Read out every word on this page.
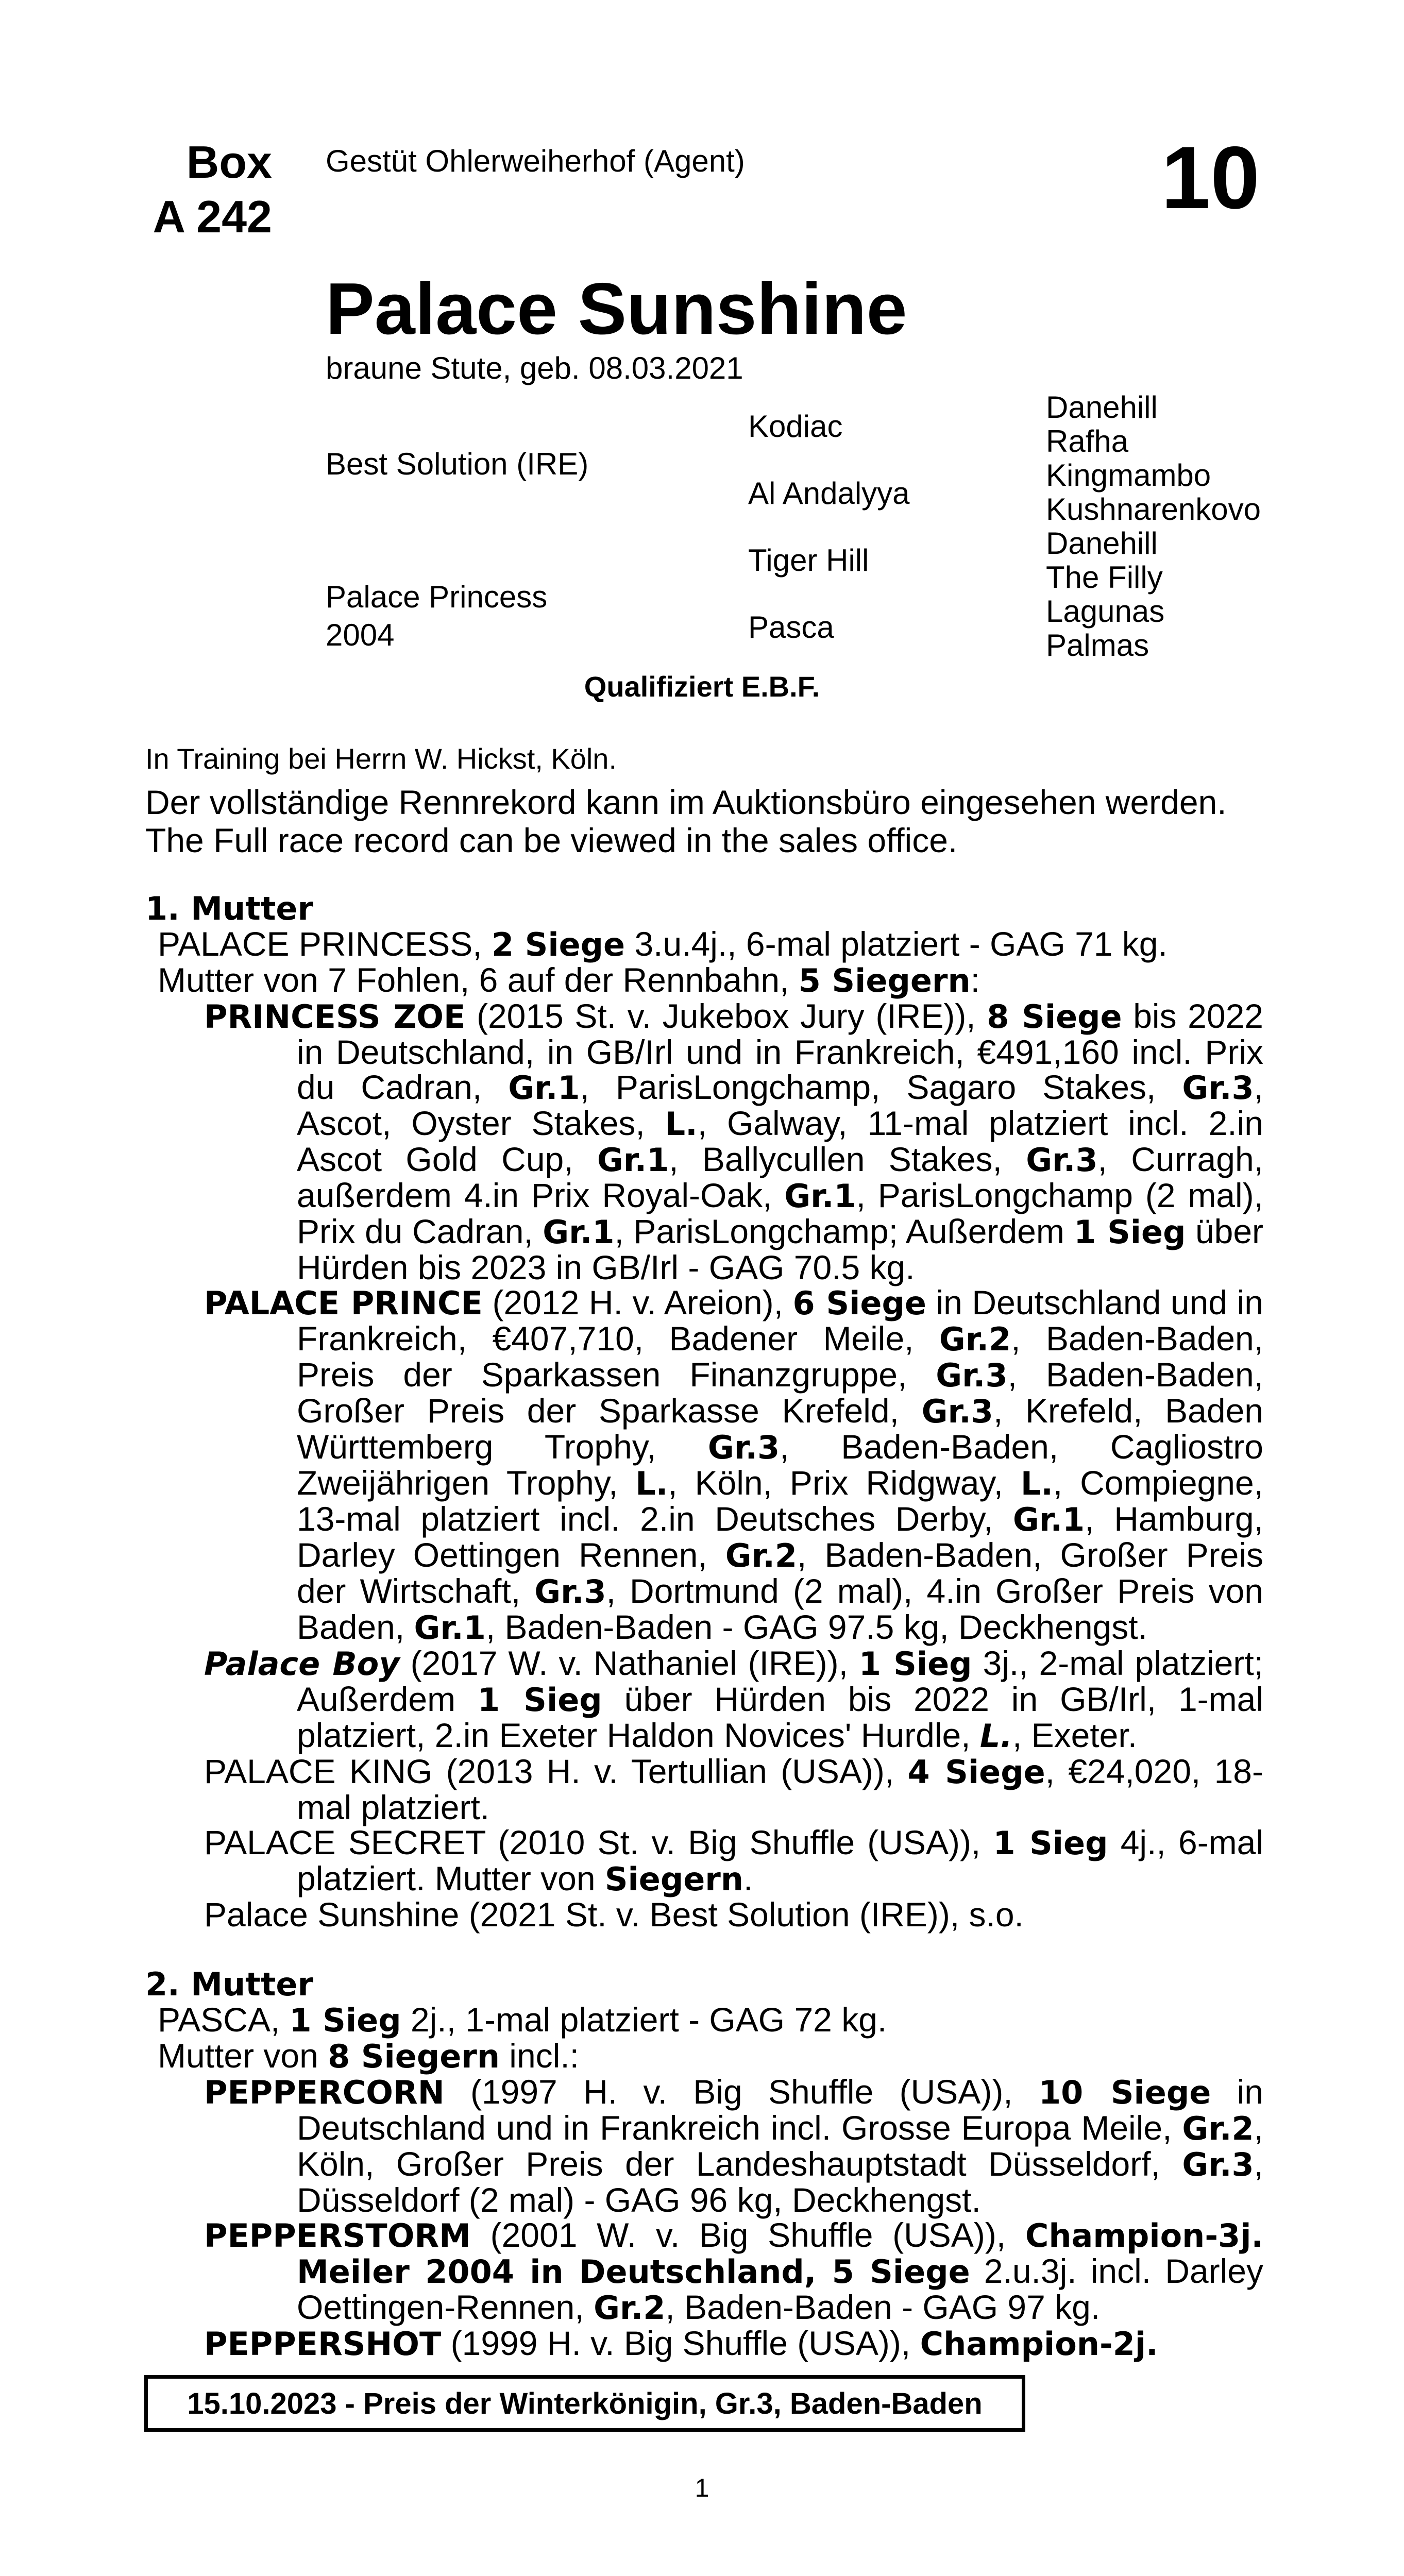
Box
A 242
Gestüt Ohlerweiherhof (Agent)	10
Palace Sunshine
braune Stute, geb. 08.03.2021
Best Solution (IRE)
Palace Princess
2004
Kodiac
Al Andalyya
Tiger Hill
Pasca
Danehill
Rafha
Kingmambo
Kushnarenkovo
Danehill
The Filly
Lagunas
Palmas
Qualifiziert E.B.F.
In Training bei Herrn W. Hickst, Köln.
Der vollständige Rennrekord kann im Auktionsbüro eingesehen werden.
The Full race record can be viewed in the sales office.
1. Mutter
PALACE PRINCESS, 2 Siege 3.u.4j., 6-mal platziert - GAG 71 kg.
Mutter von 7 Fohlen, 6 auf der Rennbahn, 5 Siegern:
PRINCESS ZOE (2015 St. v. Jukebox Jury (IRE)), 8 Siege bis 2022 in Deutschland, in GB/Irl und in Frankreich, €491,160 incl. Prix du Cadran, Gr.1, ParisLongchamp, Sagaro Stakes, Gr.3, Ascot, Oyster Stakes, L., Galway, 11-mal platziert incl. 2.in Ascot Gold Cup, Gr.1, Ballycullen Stakes, Gr.3, Curragh, außerdem 4.in Prix Royal-Oak, Gr.1, ParisLongchamp (2 mal), Prix du Cadran, Gr.1, ParisLongchamp; Außerdem 1 Sieg über Hürden bis 2023 in GB/Irl - GAG 70.5 kg.
PALACE PRINCE (2012 H. v. Areion), 6 Siege in Deutschland und in Frankreich, €407,710, Badener Meile, Gr.2, Baden-Baden, Preis der Sparkassen Finanzgruppe, Gr.3, Baden-Baden, Großer Preis der Sparkasse Krefeld, Gr.3, Krefeld, Baden Württemberg Trophy, Gr.3, Baden-Baden, Cagliostro Zweijährigen Trophy, L., Köln, Prix Ridgway, L., Compiegne, 13-mal platziert incl. 2.in Deutsches Derby, Gr.1, Hamburg, Darley Oettingen Rennen, Gr.2, Baden-Baden, Großer Preis der Wirtschaft, Gr.3, Dortmund (2 mal), 4.in Großer Preis von Baden, Gr.1, Baden-Baden - GAG 97.5 kg, Deckhengst.
Palace Boy (2017 W. v. Nathaniel (IRE)), 1 Sieg 3j., 2-mal platziert; Außerdem 1 Sieg über Hürden bis 2022 in GB/Irl, 1-mal platziert, 2.in Exeter Haldon Novices' Hurdle, L., Exeter.
PALACE KING (2013 H. v. Tertullian (USA)), 4 Siege, €24,020, 18-mal platziert.
PALACE SECRET (2010 St. v. Big Shuffle (USA)), 1 Sieg 4j., 6-mal platziert. Mutter von Siegern.
Palace Sunshine (2021 St. v. Best Solution (IRE)), s.o.
2. Mutter
PASCA, 1 Sieg 2j., 1-mal platziert - GAG 72 kg.
Mutter von 8 Siegern incl.:
PEPPERCORN (1997 H. v. Big Shuffle (USA)), 10 Siege in Deutschland und in Frankreich incl. Grosse Europa Meile, Gr.2, Köln, Großer Preis der Landeshauptstadt Düsseldorf, Gr.3, Düsseldorf (2 mal) - GAG 96 kg, Deckhengst.
PEPPERSTORM (2001 W. v. Big Shuffle (USA)), Champion-3j. Meiler 2004 in Deutschland, 5 Siege 2.u.3j. incl. Darley Oettingen-Rennen, Gr.2, Baden-Baden - GAG 97 kg.
PEPPERSHOT (1999 H. v. Big Shuffle (USA)), Champion-2j.
15.10.2023 - Preis der Winterkönigin, Gr.3, Baden-Baden
1
